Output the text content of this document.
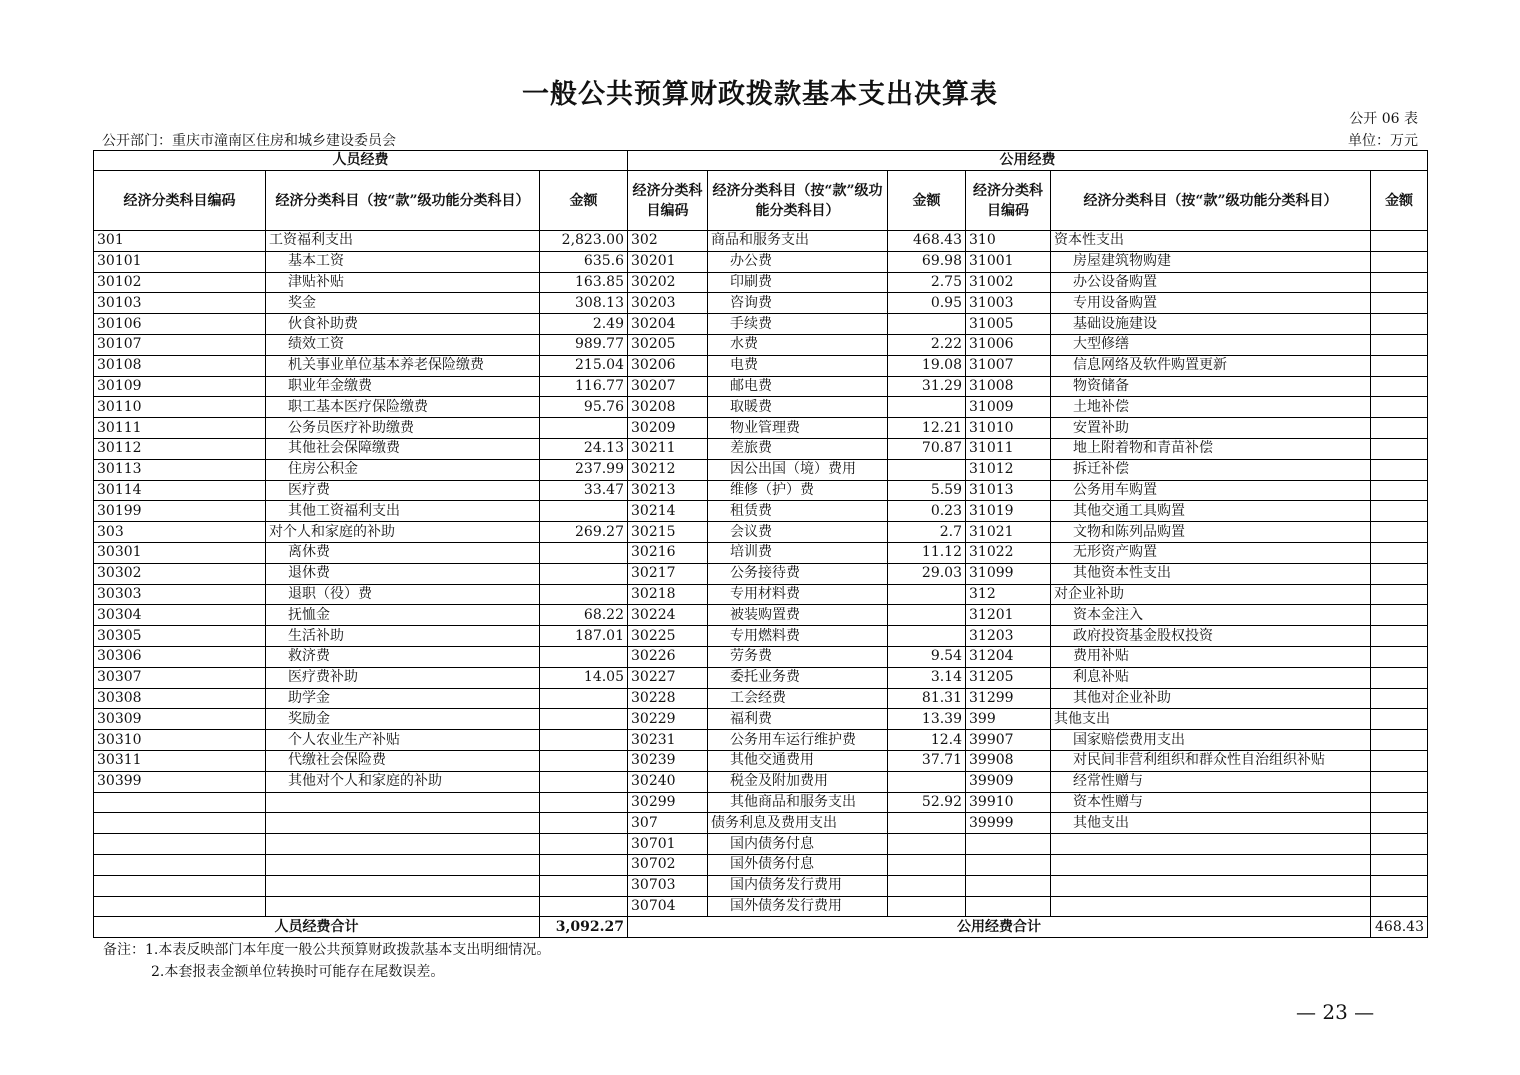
一般公共预算财政拨款基本支出决算表
公开 06 表
公开部门：重庆市潼南区住房和城乡建设委员会	单位：万元
人员经费			公用经费					
经济分类科目编码	经济分类科目（按“款”级功能分类科目）	金额	经济分类科目编码	经济分类科目（按“款”级功能分类科目）	金额	经济分类科目编码	经济分类科目（按“款”级功能分类科目）	金额
301	工资福利支出	2,823.00	302	商品和服务支出	468.43	310	资本性支出	
30101	基本工资	635.6	30201	办公费	69.98	31001	房屋建筑物购建	
30102	津贴补贴	163.85	30202	印刷费	2.75	31002	办公设备购置	
30103	奖金	308.13	30203	咨询费	0.95	31003	专用设备购置	
30106	伙食补助费	2.49	30204	手续费		31005	基础设施建设	
30107	绩效工资	989.77	30205	水费	2.22	31006	大型修缮	
30108	机关事业单位基本养老保险缴费	215.04	30206	电费	19.08	31007	信息网络及软件购置更新	
30109	职业年金缴费	116.77	30207	邮电费	31.29	31008	物资储备	
30110	职工基本医疗保险缴费	95.76	30208	取暖费		31009	土地补偿	
30111	公务员医疗补助缴费		30209	物业管理费	12.21	31010	安置补助	
30112	其他社会保障缴费	24.13	30211	差旅费	70.87	31011	地上附着物和青苗补偿	
30113	住房公积金	237.99	30212	因公出国（境）费用		31012	拆迁补偿	
30114	医疗费	33.47	30213	维修（护）费	5.59	31013	公务用车购置	
30199	其他工资福利支出		30214	租赁费	0.23	31019	其他交通工具购置	
303	对个人和家庭的补助	269.27	30215	会议费	2.7	31021	文物和陈列品购置	
30301	离休费		30216	培训费	11.12	31022	无形资产购置	
30302	退休费		30217	公务接待费	29.03	31099	其他资本性支出	
30303	退职（役）费		30218	专用材料费		312	对企业补助	
30304	抚恤金	68.22	30224	被装购置费		31201	资本金注入	
30305	生活补助	187.01	30225	专用燃料费		31203	政府投资基金股权投资	
30306	救济费		30226	劳务费	9.54	31204	费用补贴	
30307	医疗费补助	14.05	30227	委托业务费	3.14	31205	利息补贴	
30308	助学金		30228	工会经费	81.31	31299	其他对企业补助	
30309	奖励金		30229	福利费	13.39	399	其他支出	
30310	个人农业生产补贴		30231	公务用车运行维护费	12.4	39907	国家赔偿费用支出	
30311	代缴社会保险费		30239	其他交通费用	37.71	39908	对民间非营利组织和群众性自治组织补贴	
30399	其他对个人和家庭的补助		30240	税金及附加费用		39909	经常性赠与	
			30299	其他商品和服务支出	52.92	39910	资本性赠与	
			307	债务利息及费用支出		39999	其他支出	
			30701	国内债务付息				
			30702	国外债务付息				
			30703	国内债务发行费用				
			30704	国外债务发行费用				
人员经费合计		3,092.27	公用经费合计					468.43
备注：1.本表反映部门本年度一般公共预算财政拨款基本支出明细情况。
2.本套报表金额单位转换时可能存在尾数误差。
— 23 —
